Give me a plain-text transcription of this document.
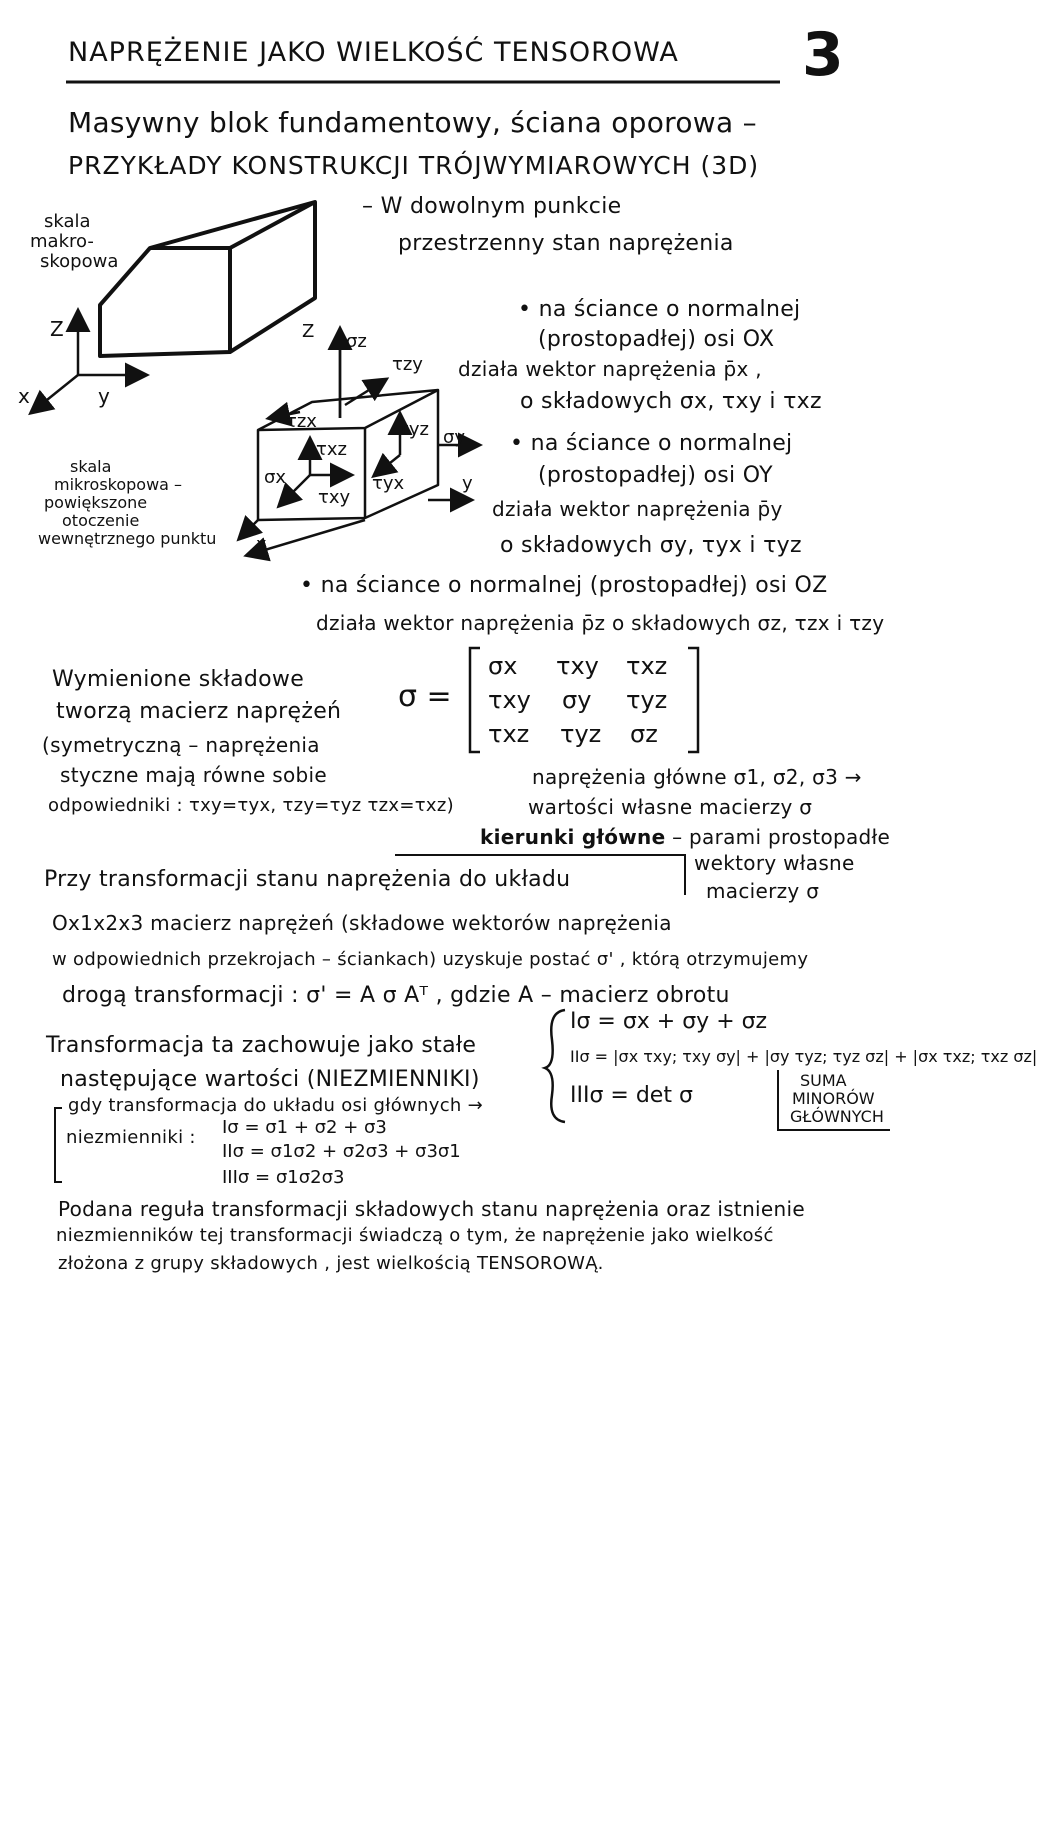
NAPRĘŻENIE JAKO WIELKOŚĆ TENSOROWA 3
Masywny blok fundamentowy, ściana oporowa –
PRZYKŁADY KONSTRUKCJI TRÓJWYMIAROWYCH (3D)
skala
makro-
skopowa
– W dowolnym punkcie
przestrzenny stan naprężenia
Z
y
x
Z σz
τzy
τzx	τyz σy
τxz
σx	τyx
τxy
y
x
skala
mikroskopowa –
powiększone
otoczenie
wewnętrznego punktu
• na ściance o normalnej
(prostopadłej) osi OX
działa wektor naprężenia p̄x ,
o składowych σx, τxy i τxz
• na ściance o normalnej
(prostopadłej) osi OY
działa wektor naprężenia p̄y
o składowych σy, τyx i τyz
• na ściance o normalnej (prostopadłej) osi OZ
działa wektor naprężenia p̄z o składowych σz, τzx i τzy
Wymienione składowe
tworzą macierz naprężeń
(symetryczną – naprężenia
styczne mają równe sobie
odpowiedniki : τxy=τyx, τzy=τyz τzx=τxz)
σ =
σx τxy τxz
τxy σy τyz
τxz τyz σz
naprężenia główne σ1, σ2, σ3 →
wartości własne macierzy σ
kierunki główne – parami prostopadłe
wektory własne
macierzy σ
Przy transformacji stanu naprężenia do układu
Ox1x2x3 macierz naprężeń (składowe wektorów naprężenia
w odpowiednich przekrojach – ściankach) uzyskuje postać σ' , którą otrzymujemy
drogą transformacji : σ' = A σ Aᵀ , gdzie A – macierz obrotu
Transformacja ta zachowuje jako stałe
następujące wartości (NIEZMIENNIKI)
Iσ = σx + σy + σz
IIσ = |σx τxy; τxy σy| + |σy τyz; τyz σz| + |σx τxz; τxz σz|
IIIσ = det σ
SUMA
MINORÓW
GŁÓWNYCH
gdy transformacja do układu osi głównych →
niezmienniki : Iσ = σ1 + σ2 + σ3
IIσ = σ1σ2 + σ2σ3 + σ3σ1
IIIσ = σ1σ2σ3
Podana reguła transformacji składowych stanu naprężenia oraz istnienie
niezmienników tej transformacji świadczą o tym, że naprężenie jako wielkość
złożona z grupy składowych , jest wielkością TENSOROWĄ.
